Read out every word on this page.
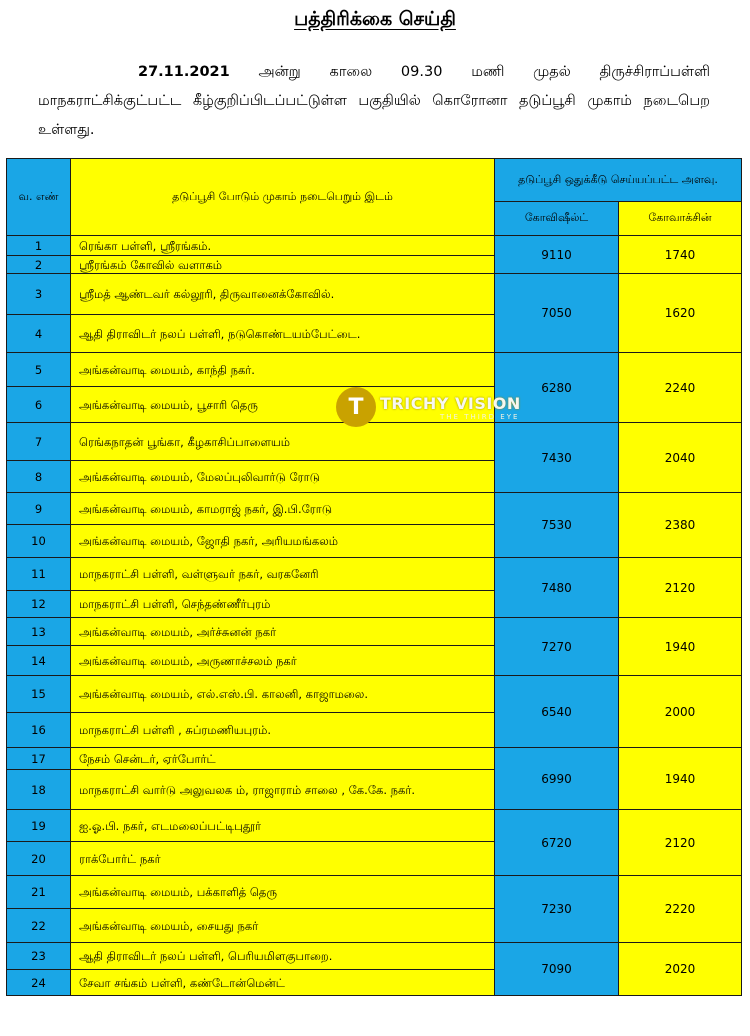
பத்திரிக்கை செய்தி
27.11.2021 அன்று காலை 09.30 மணி முதல் திருச்சிராப்பள்ளி மாநகராட்சிக்குட்பட்ட கீழ்குறிப்பிடப்பட்டுள்ள பகுதியில் கொரோனா தடுப்பூசி முகாம் நடைபெற உள்ளது.
வ. எண்	தடுப்பூசி போடும் முகாம் நடைபெறும் இடம்	தடுப்பூசி ஒதுக்கீடு செய்யப்பட்ட அளவு.	
		கோவிஷீல்ட்	கோவாக்சின்
1	ரெங்கா பள்ளி, ஸ்ரீரங்கம்.	9110	1740
2	ஸ்ரீரங்கம் கோவில் வளாகம்		
3	ஸ்ரீமத் ஆண்டவர் கல்லூரி, திருவானைக்கோவில்.	7050	1620
4	ஆதி திராவிடர் நலப் பள்ளி, நடுகொண்டயம்பேட்டை.		
5	அங்கன்வாடி மையம், காந்தி நகர்.	6280	2240
6	அங்கன்வாடி மையம், பூசாரி தெரு		
7	ரெங்கநாதன் பூங்கா, கீழகாசிப்பாளையம்	7430	2040
8	அங்கன்வாடி மையம், மேலப்புலிவார்டு ரோடு		
9	அங்கன்வாடி மையம், காமராஜ் நகர், இ.பி.ரோடு	7530	2380
10	அங்கன்வாடி மையம், ஜோதி நகர், அரியமங்கலம்		
11	மாநகராட்சி பள்ளி, வள்ளுவர் நகர், வரகனேரி	7480	2120
12	மாநகராட்சி பள்ளி, செந்தண்ணீர்புரம்		
13	அங்கன்வாடி மையம், அர்ச்சுனன் நகர்	7270	1940
14	அங்கன்வாடி மையம், அருணாச்சலம் நகர்		
15	அங்கன்வாடி மையம், எல்.எஸ்.பி. காலனி, காஜாமலை.	6540	2000
16	மாநகராட்சி பள்ளி , சுப்ரமணியபுரம்.		
17	நேசம் சென்டர், ஏர்போர்ட்	6990	1940
18	மாநகராட்சி வார்டு அலுவலக ம், ராஜாராம் சாலை , கே.கே. நகர்.		
19	ஐ.ஓ.பி. நகர், எடமலைப்பட்டிபுதூர்	6720	2120
20	ராக்போர்ட் நகர்		
21	அங்கன்வாடி மையம், பக்காளித் தெரு	7230	2220
22	அங்கன்வாடி மையம், சையது நகர்		
23	ஆதி திராவிடர் நலப் பள்ளி, பெரியமிளகுபாறை.	7090	2020
24	சேவா சங்கம் பள்ளி, கண்டோன்மென்ட்		
T	TRICHY VISION
THE THIRD EYE
